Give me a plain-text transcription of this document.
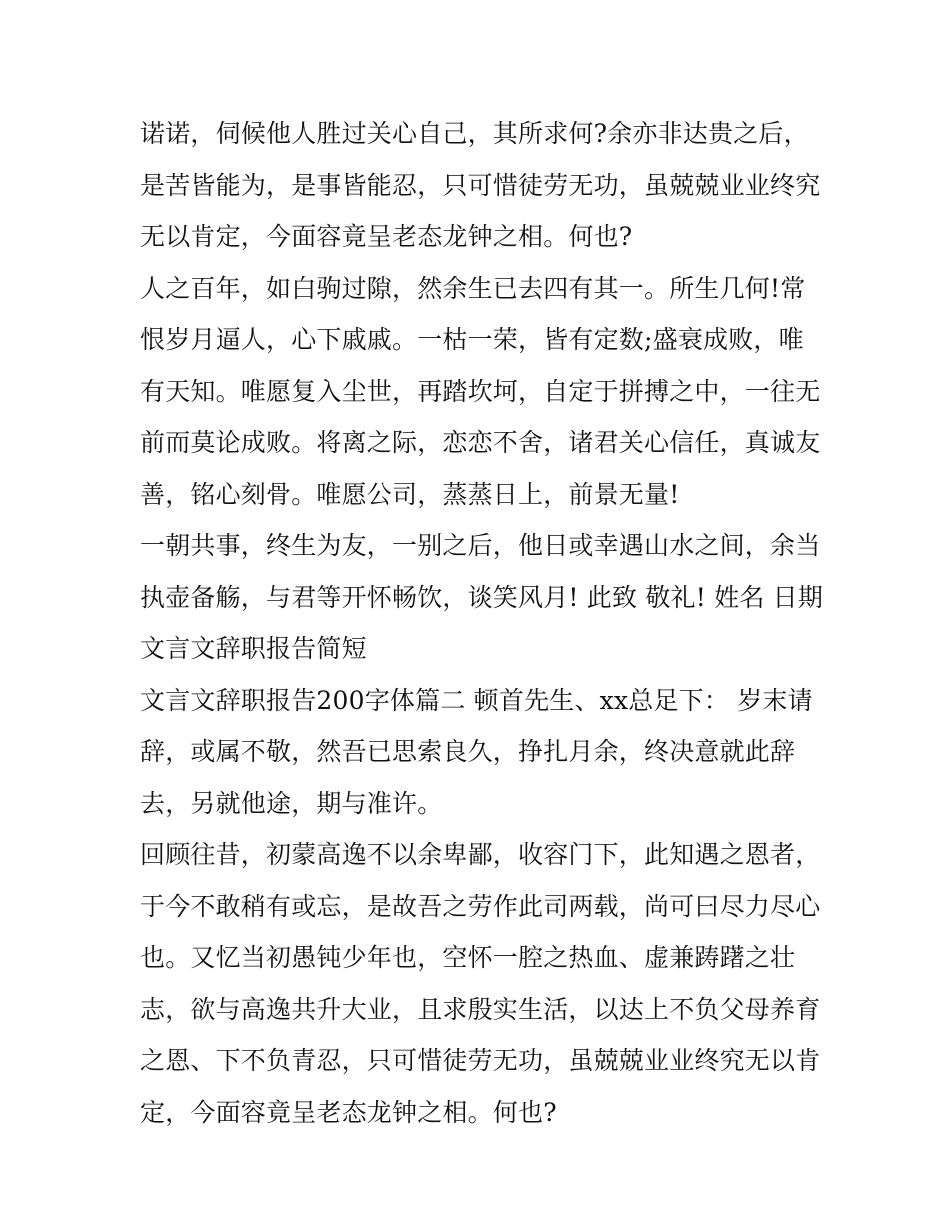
诺诺，伺候他人胜过关心自己，其所求何?余亦非达贵之后，
是苦皆能为，是事皆能忍，只可惜徒劳无功，虽兢兢业业终究
无以肯定，今面容竟呈老态龙钟之相。何也?
人之百年，如白驹过隙，然余生已去四有其一。所生几何!常
恨岁月逼人，心下戚戚。一枯一荣，皆有定数;盛衰成败，唯
有天知。唯愿复入尘世，再踏坎坷，自定于拼搏之中，一往无
前而莫论成败。将离之际，恋恋不舍，诸君关心信任，真诚友
善，铭心刻骨。唯愿公司，蒸蒸日上，前景无量!
一朝共事，终生为友，一别之后，他日或幸遇山水之间，余当
执壶备觞，与君等开怀畅饮，谈笑风月! 此致 敬礼! 姓名 日期
文言文辞职报告简短
文言文辞职报告200字体篇二 顿首先生、xx总足下： 岁末请
辞，或属不敬，然吾已思索良久，挣扎月余，终决意就此辞
去，另就他途，期与准许。
回顾往昔，初蒙高逸不以余卑鄙，收容门下，此知遇之恩者，
于今不敢稍有或忘，是故吾之劳作此司两载，尚可曰尽力尽心
也。又忆当初愚钝少年也，空怀一腔之热血、虚兼踌躇之壮
志，欲与高逸共升大业，且求殷实生活，以达上不负父母养育
之恩、下不负青忍，只可惜徒劳无功，虽兢兢业业终究无以肯
定，今面容竟呈老态龙钟之相。何也?
